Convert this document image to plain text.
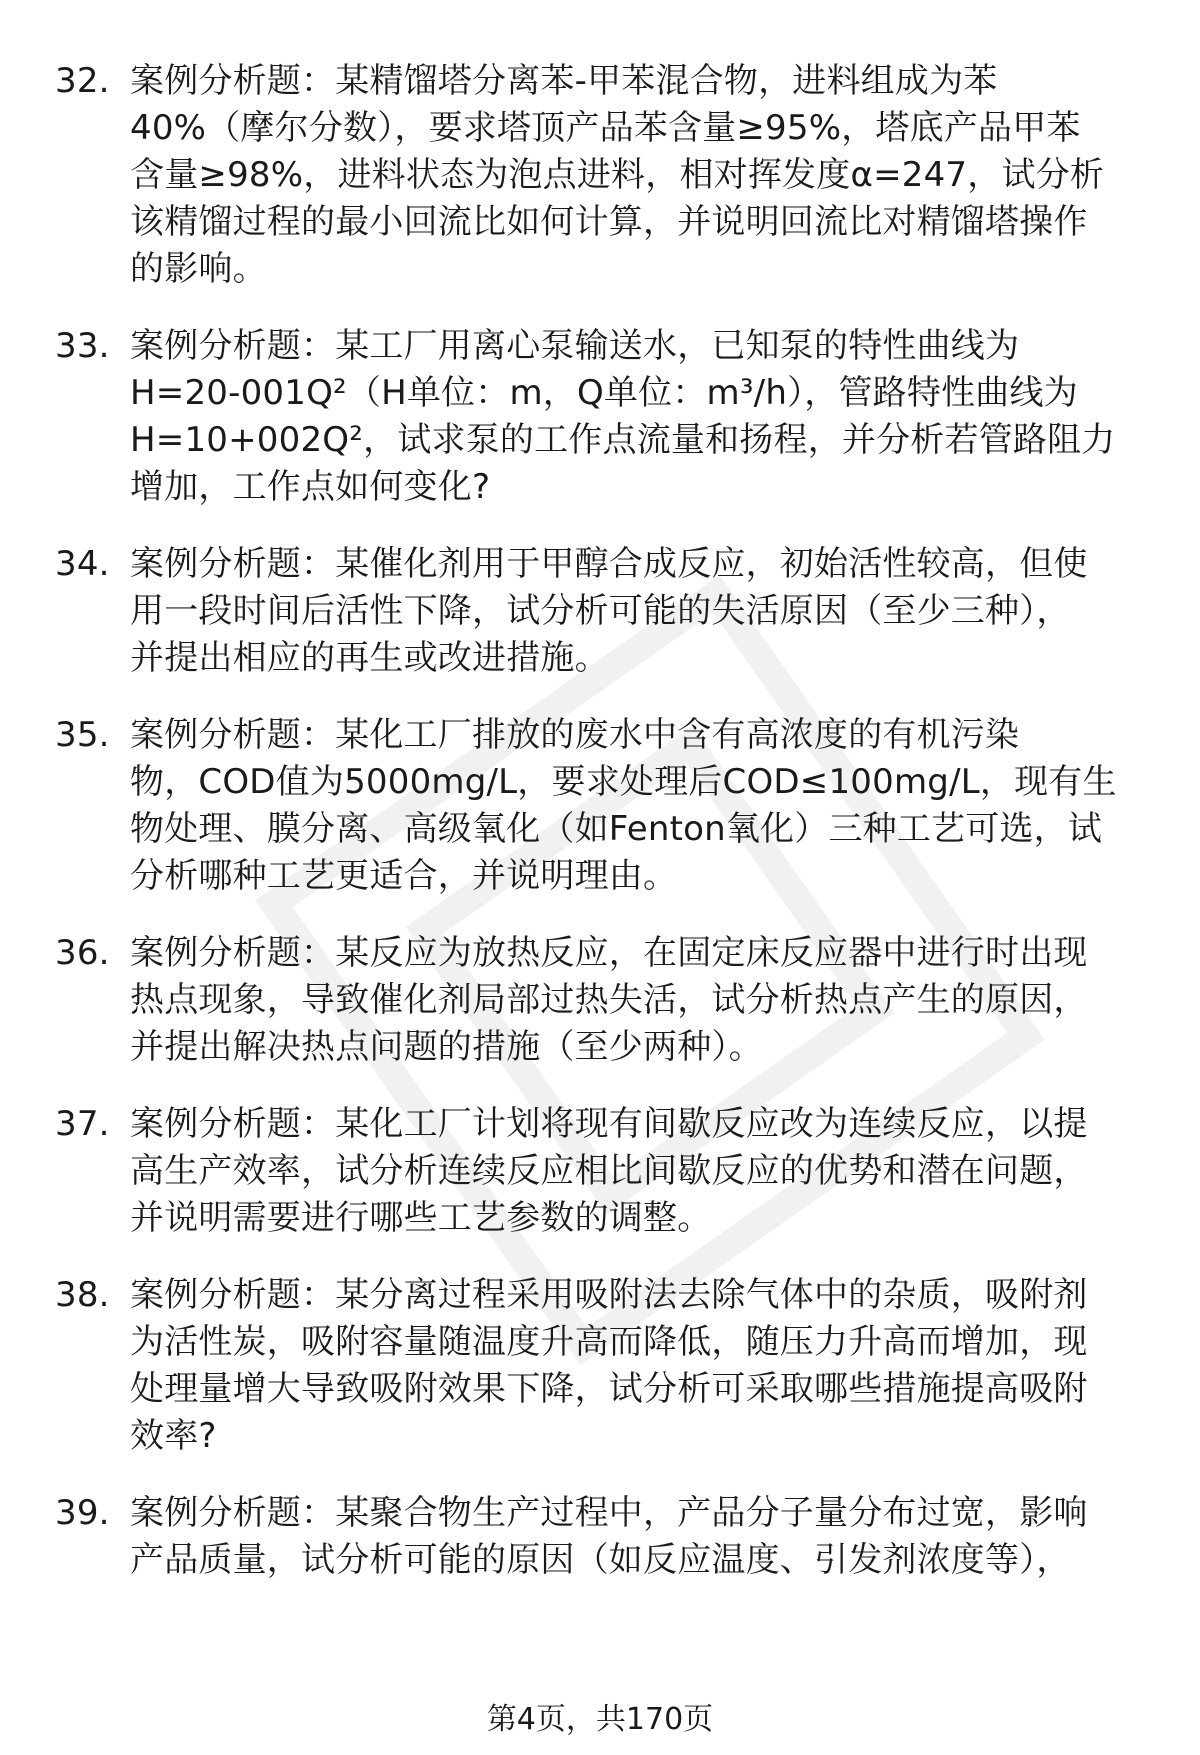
32. 案例分析题：某精馏塔分离苯-甲苯混合物，进料组成为苯
40%（摩尔分数），要求塔顶产品苯含量≥95%，塔底产品甲苯
含量≥98%，进料状态为泡点进料，相对挥发度α=247，试分析
该精馏过程的最小回流比如何计算，并说明回流比对精馏塔操作
的影响。
33. 案例分析题：某工厂用离心泵输送水，已知泵的特性曲线为
H=20-001Q²（H单位：m，Q单位：m³/h），管路特性曲线为
H=10+002Q²，试求泵的工作点流量和扬程，并分析若管路阻力
增加，工作点如何变化?
34. 案例分析题：某催化剂用于甲醇合成反应，初始活性较高，但使
用一段时间后活性下降，试分析可能的失活原因（至少三种），
并提出相应的再生或改进措施。
35. 案例分析题：某化工厂排放的废水中含有高浓度的有机污染
物，COD值为5000mg/L，要求处理后COD≤100mg/L，现有生
物处理、膜分离、高级氧化（如Fenton氧化）三种工艺可选，试
分析哪种工艺更适合，并说明理由。
36. 案例分析题：某反应为放热反应，在固定床反应器中进行时出现
热点现象，导致催化剂局部过热失活，试分析热点产生的原因，
并提出解决热点问题的措施（至少两种）。
37. 案例分析题：某化工厂计划将现有间歇反应改为连续反应，以提
高生产效率，试分析连续反应相比间歇反应的优势和潜在问题，
并说明需要进行哪些工艺参数的调整。
38. 案例分析题：某分离过程采用吸附法去除气体中的杂质，吸附剂
为活性炭，吸附容量随温度升高而降低，随压力升高而增加，现
处理量增大导致吸附效果下降，试分析可采取哪些措施提高吸附
效率?
39. 案例分析题：某聚合物生产过程中，产品分子量分布过宽，影响
产品质量，试分析可能的原因（如反应温度、引发剂浓度等），
第4页，共170页
